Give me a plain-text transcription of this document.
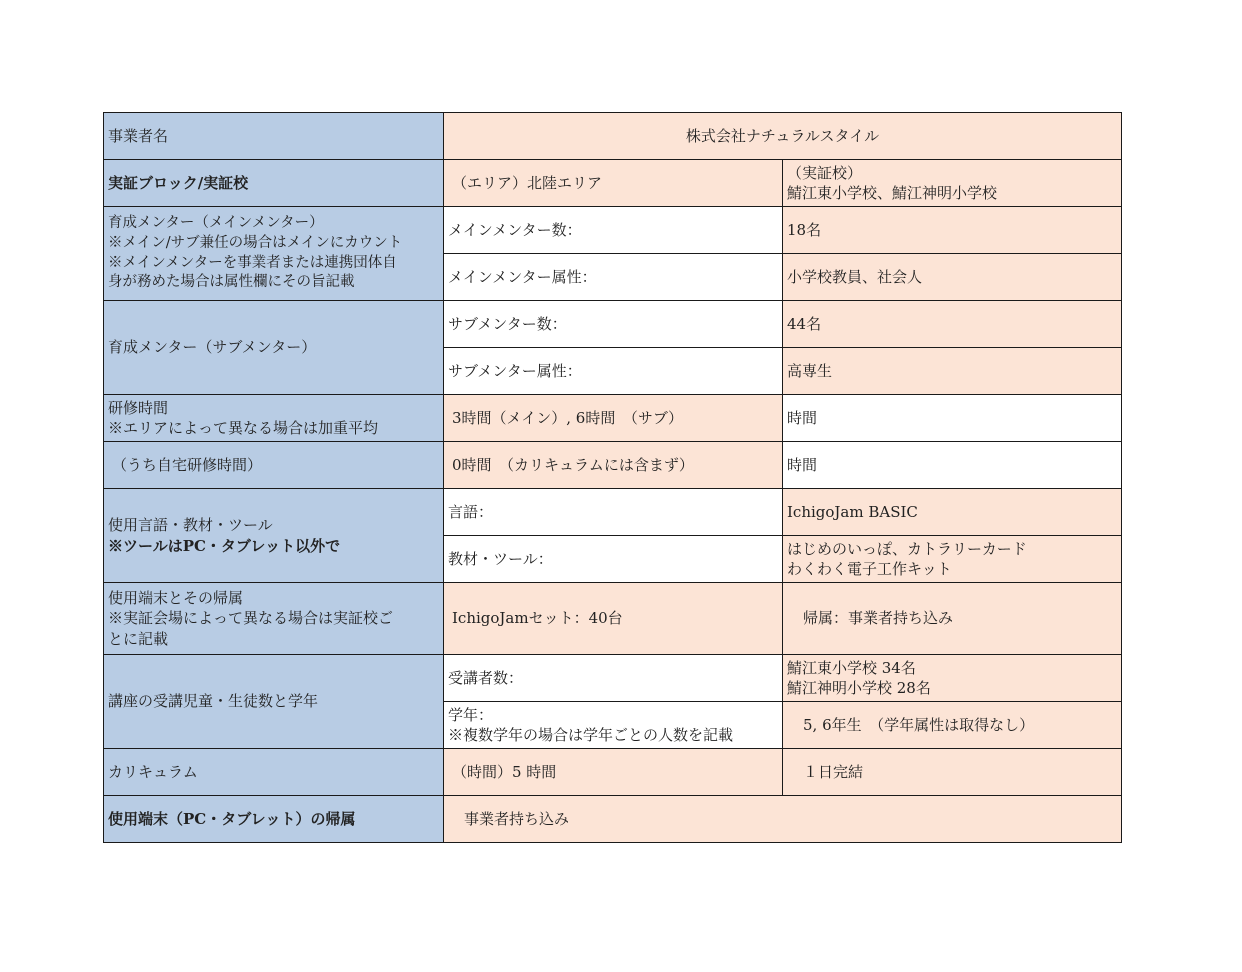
事業者名	株式会社ナチュラルスタイル	
実証ブロック/実証校	（エリア）北陸エリア	（実証校）
鯖江東小学校、鯖江神明小学校

育成メンター（メインメンター）
※メイン/サブ兼任の場合はメインにカウント
※メインメンターを事業者または連携団体自
身が務めた場合は属性欄にその旨記載	メインメンター数：	18名
	メインメンター属性：	小学校教員、社会人
育成メンター（サブメンター）	サブメンター数：	44名
	サブメンター属性：	高専生

研修時間
※エリアによって異なる場合は加重平均	3時間（メイン）, 6時間　（サブ）	時間
（うち自宅研修時間）	0時間　（カリキュラムには含まず）	時間

使用言語・教材・ツール
※ツールはPC・タブレット以外で	言語：	IchigoJam BASIC
	教材・ツール：	はじめのいっぽ、カトラリーカード
わくわく電子工作キット

使用端末とその帰属
※実証会場によって異なる場合は実証校ご
とに記載	IchigoJamセット：40台	帰属：事業者持ち込み
講座の受講児童・生徒数と学年	受講者数：	鯖江東小学校 34名
鯖江神明小学校 28名

	学年：
※複数学年の場合は学年ごとの人数を記載	5, 6年生　（学年属性は取得なし）
カリキュラム	（時間）5 時間	１日完結
使用端末（PC・タブレット）の帰属	事業者持ち込み	
